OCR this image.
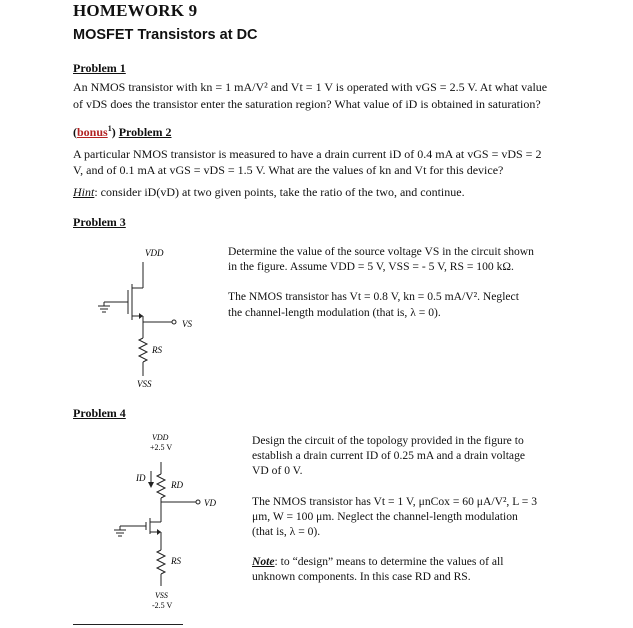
HOMEWORK 9
MOSFET Transistors at DC
Problem 1
An NMOS transistor with kn = 1 mA/V² and Vt = 1 V is operated with vGS = 2.5 V. At what value
of vDS does the transistor enter the saturation region? What value of iD is obtained in saturation?
(bonus$^1$) Problem 2
A particular NMOS transistor is measured to have a drain current iD of 0.4 mA at vGS = vDS = 2
V, and of 0.1 mA at vGS = vDS = 1.5 V. What are the values of kn and Vt for this device?
Hint: consider iD(vD) at two given points, take the ratio of the two, and continue.
Problem 3
Determine the value of the source voltage VS in the circuit shown
in the figure. Assume VDD = 5 V, VSS = - 5 V, RS = 100 kΩ.
The NMOS transistor has Vt = 0.8 V, kn = 0.5 mA/V². Neglect
the channel-length modulation (that is, λ = 0).
VDD
VS
RS
VSS
Problem 4
Design the circuit of the topology provided in the figure to
establish a drain current ID of 0.25 mA and a drain voltage
VD of 0 V.
The NMOS transistor has Vt = 1 V, μnCox = 60 μA/V², L = 3
μm, W = 100 μm. Neglect the channel-length modulation
(that is, λ = 0).
Note: to “design” means to determine the values of all
unknown components. In this case RD and RS.
VDD
+2.5 V
ID
RD
VD
RS
VSS
-2.5 V
